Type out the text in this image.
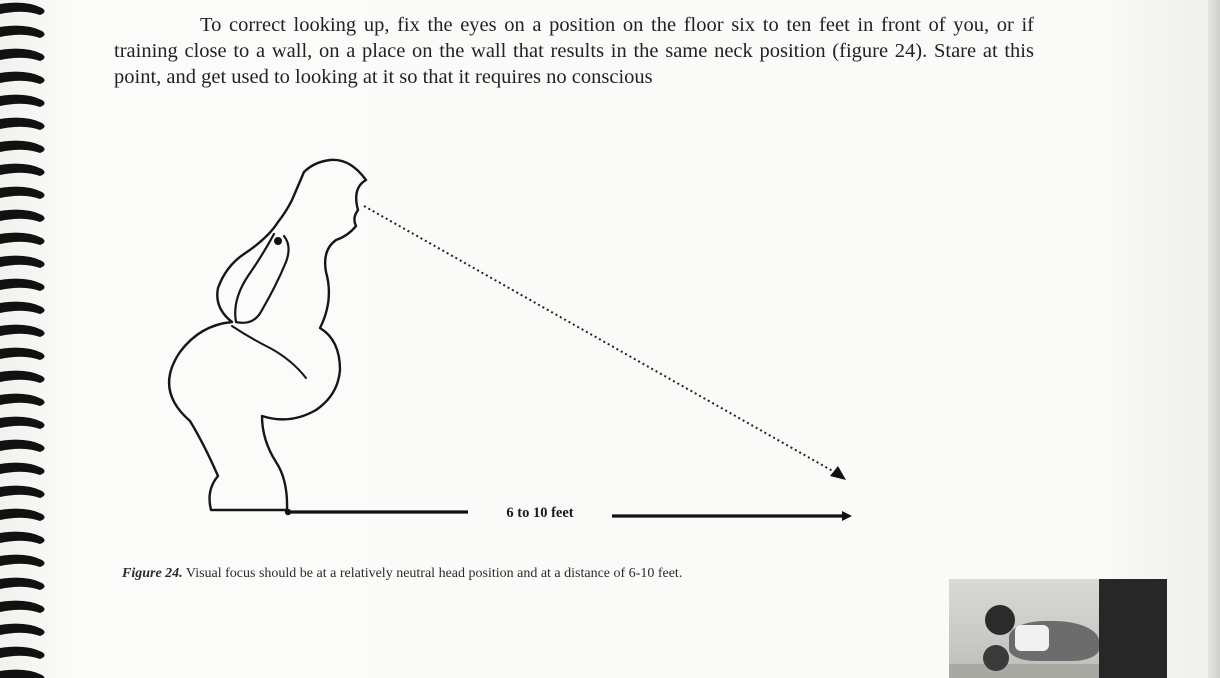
To correct looking up, fix the eyes on a position on the floor six to ten feet in front of you, or if training close to a wall, on a place on the wall that results in the same neck position (figure 24). Stare at this point, and get used to looking at it so that it requires no conscious

6 to 10 feet
Figure 24. Visual focus should be at a relatively neutral head position and at a distance of 6-10 feet.
